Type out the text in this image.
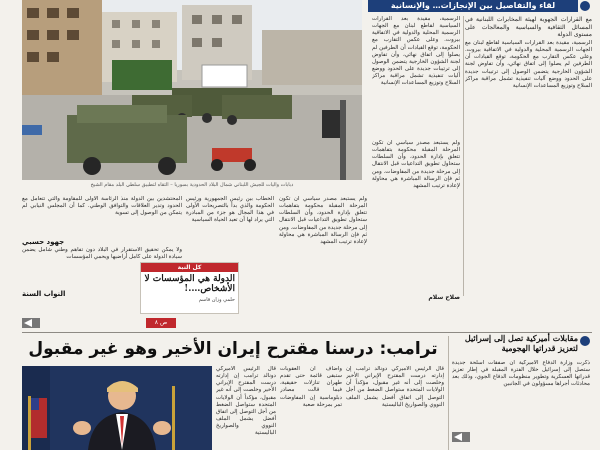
دبابات وآليات للجيش اللبناني شمال البلاد الحدودية بسوريا – التقاه لتطبيق سلطي البلد مقام الشيخ
لقاء والتفاصيل بين الإنجازات… والإنسانية
مع القرارات الجهوية لهيئة المخابرات اللبنانية في المسائل الثقافية والسياسية والمعالجات على مستوى الدولة
الرسمية، مقيدة بعد القرارات السياسية لقاطع لبنان مع الجهات الرسمية المحلية والدولية في الاتفاقية بيروت. وعلى عكس التقارب مع الحكومة، توقع القيادات أن الطرفين لم يصلوا إلى اتفاق نهائي، وأن تفاوض لجنة الشؤون الخارجية يتضمن الوصول إلى ترتيبات جديدة على الحدود ووضع آليات تنفيذية تشمل مراقبة مراكز السلاح وتوزيع المساعدات الإنسانية
الرسمية، مقيدة بعد القرارات السياسية لقاطع لبنان مع الجهات الرسمية المحلية والدولية في الاتفاقية بيروت. وعلى عكس التقارب مع الحكومة، توقع القيادات أن الطرفين لم يصلوا إلى اتفاق نهائي، وأن تفاوض لجنة الشؤون الخارجية يتضمن الوصول إلى ترتيبات جديدة على الحدود ووضع آليات تنفيذية تشمل مراقبة مراكز السلاح وتوزيع المساعدات الإنسانية
ولم يستبعد مصدر سياسي أن تكون المرحلة المقبلة محكومة بتفاهمات تتعلق بإدارة الحدود، وأن السلطات ستحاول تطويق التداعيات قبل الانتقال إلى مرحلة جديدة من المفاوضات. ومن ثم فإن الرسالة المباشرة هي محاولة لإعادة ترتيب المشهد
ولم يستبعد مصدر سياسي أن تكون المرحلة المقبلة محكومة بتفاهمات تتعلق بإدارة الحدود، وأن السلطات ستحاول تطويق التداعيات قبل الانتقال إلى مرحلة جديدة من المفاوضات. ومن ثم فإن الرسالة المباشرة هي محاولة لإعادة ترتيب المشهد
الخطاب بين رئيس الجمهورية ورئيس الحكومة والذي بدأ بالتصريحات الأولى في هذا المجال هو جزء من المبادرة التي يراد لها أن تعيد الحياة السياسية
المحتشدين بين الدولة منذ الرئاسة الأولى للمقاومة والتي تتعامل مع الحدود وتدير العلاقات والتوافق الوطني. كما أن المجلس النيابي لم يتمكن من الوصول إلى تسوية
صلاح سلام
جهود حسبي
ولا يمكن تحقيق الاستقرار في البلاد دون تفاهم وطني شامل يضمن سيادة الدولة على كامل أراضيها ويحمي المؤسسات
النواب السنة
كل النبة
الدولة هي المؤسسات لا الأشخاص….!
حلمي وزان قاسم
ص ٨
مقابلات أميركية تصل إلى إسرائيل لتعزيز قدراتها الهجومية
ذكرت وزارة الدفاع الأميركية أن صفقات أسلحة جديدة ستصل إلى إسرائيل خلال الفترة المقبلة في إطار تعزيز قدراتها العسكرية وتطوير منظومات الدفاع الجوي، وذلك بعد محادثات أجراها مسؤولون في الجانبين
ترامب: درسنا مقترح إيران الأخير وهو غير مقبول
قال الرئيس الأميركي دونالد ترامب إن إدارته درست المقترح الإيراني الأخير وخلصت إلى أنه غير مقبول، مؤكداً أن الولايات المتحدة ستواصل الضغط من أجل التوصل إلى اتفاق أفضل يشمل الملف النووي والصواريخ الباليستية
وأضاف أن العقوبات ستبقى قائمة حتى تقدم طهران تنازلات حقيقية، فيما قالت مصادر دبلوماسية إن المفاوضات تمر بمرحلة صعبة
قال الرئيس الأميركي دونالد ترامب إن إدارته درست المقترح الإيراني الأخير وخلصت إلى أنه غير مقبول، مؤكداً أن الولايات المتحدة ستواصل الضغط من أجل التوصل إلى اتفاق أفضل يشمل الملف النووي والصواريخ الباليستية
